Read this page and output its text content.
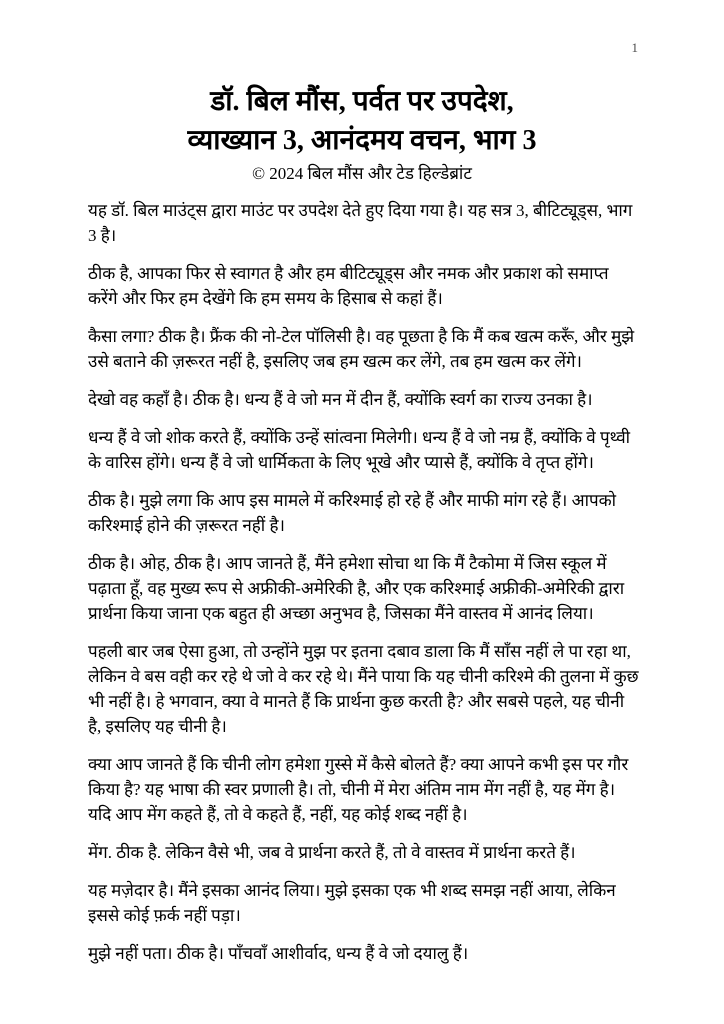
1
डॉ. बिल मौंस, पर्वत पर उपदेश,
व्याख्यान 3, आनंदमय वचन, भाग 3
© 2024 बिल मौंस और टेड हिल्डेब्रांट

यह डॉ. बिल माउंट्स द्वारा माउंट पर उपदेश देते हुए दिया गया है। यह सत्र 3, बीटिट्यूड्स, भाग 3 है।

ठीक है, आपका फिर से स्वागत है और हम बीटिट्यूड्स और नमक और प्रकाश को समाप्त करेंगे और फिर हम देखेंगे कि हम समय के हिसाब से कहां हैं।

कैसा लगा? ठीक है। फ्रैंक की नो-टेल पॉलिसी है। वह पूछता है कि मैं कब खत्म करूँ, और मुझे उसे बताने की ज़रूरत नहीं है, इसलिए जब हम खत्म कर लेंगे, तब हम खत्म कर लेंगे।

देखो वह कहाँ है। ठीक है। धन्य हैं वे जो मन में दीन हैं, क्योंकि स्वर्ग का राज्य उनका है।

धन्य हैं वे जो शोक करते हैं, क्योंकि उन्हें सांत्वना मिलेगी। धन्य हैं वे जो नम्र हैं, क्योंकि वे पृथ्वी के वारिस होंगे। धन्य हैं वे जो धार्मिकता के लिए भूखे और प्यासे हैं, क्योंकि वे तृप्त होंगे।

ठीक है। मुझे लगा कि आप इस मामले में करिश्माई हो रहे हैं और माफी मांग रहे हैं। आपको करिश्माई होने की ज़रूरत नहीं है।

ठीक है। ओह, ठीक है। आप जानते हैं, मैंने हमेशा सोचा था कि मैं टैकोमा में जिस स्कूल में पढ़ाता हूँ, वह मुख्य रूप से अफ्रीकी-अमेरिकी है, और एक करिश्माई अफ्रीकी-अमेरिकी द्वारा प्रार्थना किया जाना एक बहुत ही अच्छा अनुभव है, जिसका मैंने वास्तव में आनंद लिया।

पहली बार जब ऐसा हुआ, तो उन्होंने मुझ पर इतना दबाव डाला कि मैं साँस नहीं ले पा रहा था, लेकिन वे बस वही कर रहे थे जो वे कर रहे थे। मैंने पाया कि यह चीनी करिश्मे की तुलना में कुछ भी नहीं है। हे भगवान, क्या वे मानते हैं कि प्रार्थना कुछ करती है? और सबसे पहले, यह चीनी है, इसलिए यह चीनी है।

क्या आप जानते हैं कि चीनी लोग हमेशा गुस्से में कैसे बोलते हैं? क्या आपने कभी इस पर गौर किया है? यह भाषा की स्वर प्रणाली है। तो, चीनी में मेरा अंतिम नाम मेंग नहीं है, यह मेंग है। यदि आप मेंग कहते हैं, तो वे कहते हैं, नहीं, यह कोई शब्द नहीं है।

मेंग. ठीक है. लेकिन वैसे भी, जब वे प्रार्थना करते हैं, तो वे वास्तव में प्रार्थना करते हैं।

यह मज़ेदार है। मैंने इसका आनंद लिया। मुझे इसका एक भी शब्द समझ नहीं आया, लेकिन इससे कोई फ़र्क नहीं पड़ा।

मुझे नहीं पता। ठीक है। पाँचवाँ आशीर्वाद, धन्य हैं वे जो दयालु हैं।
